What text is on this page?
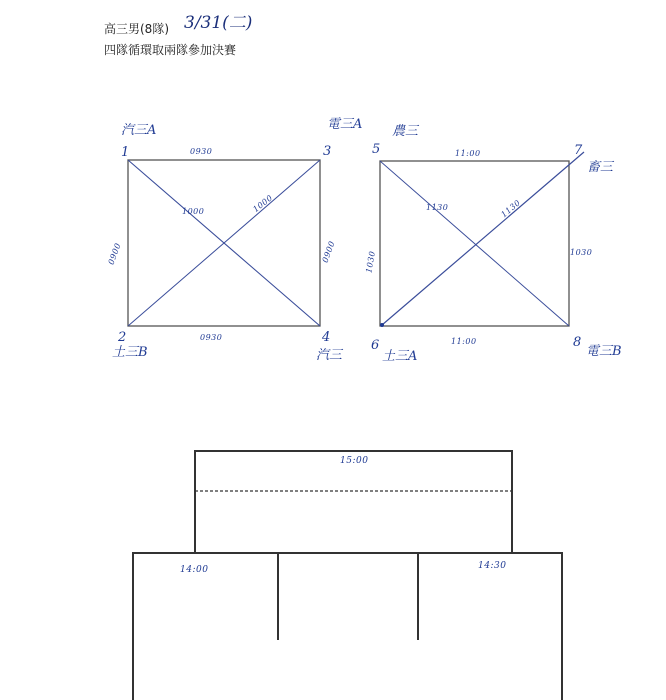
高三男(8隊) 3/31(二)
四隊循環取兩隊參加決賽
汽三A	電三A
土三B	汽三
1	3
2	4
0930
0930
0900	0900
1000	1000
農三
畜三
土三A	電三B
5	7
6	8
11:00
11:00
1030	1030
1130	1130
15:00
14:00	14:30
